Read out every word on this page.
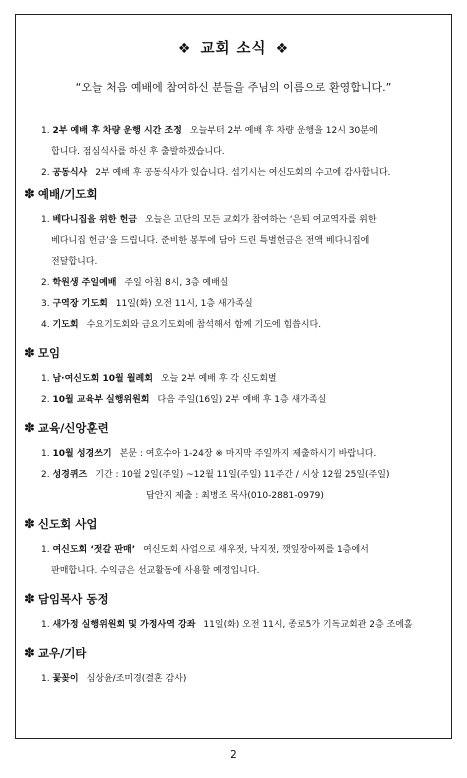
❖ 교회 소식 ❖
“오늘 처음 예배에 참여하신 분들을 주님의 이름으로 환영합니다.”
1. 2부 예배 후 차량 운행 시간 조정 오늘부터 2부 예배 후 차량 운행을 12시 30분에
합니다. 점심식사를 하신 후 출발하겠습니다.
2. 공동식사 2부 예배 후 공동식사가 있습니다. 섬기시는 여신도회의 수고에 감사합니다.
✽ 예배/기도회
1. 베다니집을 위한 헌금 오늘은 고단의 모든 교회가 참여하는 ‘은퇴 여교역자를 위한
베다니집 헌금’을 드립니다. 준비한 봉투에 담아 드린 특별헌금은 전액 베다니집에
전달합니다.
2. 학원생 주일예배 주일 아침 8시, 3층 예배실
3. 구역장 기도회 11일(화) 오전 11시, 1층 새가족실
4. 기도회 수요기도회와 금요기도회에 참석해서 함께 기도에 힘씁시다.
✽ 모임
1. 남·여신도회 10월 월례회 오늘 2부 예배 후 각 신도회별
2. 10월 교육부 실행위원회 다음 주일(16일) 2부 예배 후 1층 새가족실
✽ 교육/신앙훈련
1. 10월 성경쓰기 본문 : 여호수아 1-24장 ※ 마지막 주일까지 제출하시기 바랍니다.
2. 성경퀴즈 기간 : 10월 2일(주일) ~12월 11일(주일) 11주간 / 시상 12월 25일(주일)
답안지 제출 : 최병조 목사(010-2881-0979)
✽ 신도회 사업
1. 여신도회 ‘젓갈 판매’ 여신도회 사업으로 새우젓, 낙지젓, 깻잎장아찌를 1층에서
판매합니다. 수익금은 선교활동에 사용할 예정입니다.
✽ 담임목사 동정
1. 새가정 실행위원회 및 가정사역 강좌 11일(화) 오전 11시, 종로5가 기독교회관 2층 조에홀
✽ 교우/기타
1. 꽃꽂이 심상윤/조미경(결혼 감사)
2
